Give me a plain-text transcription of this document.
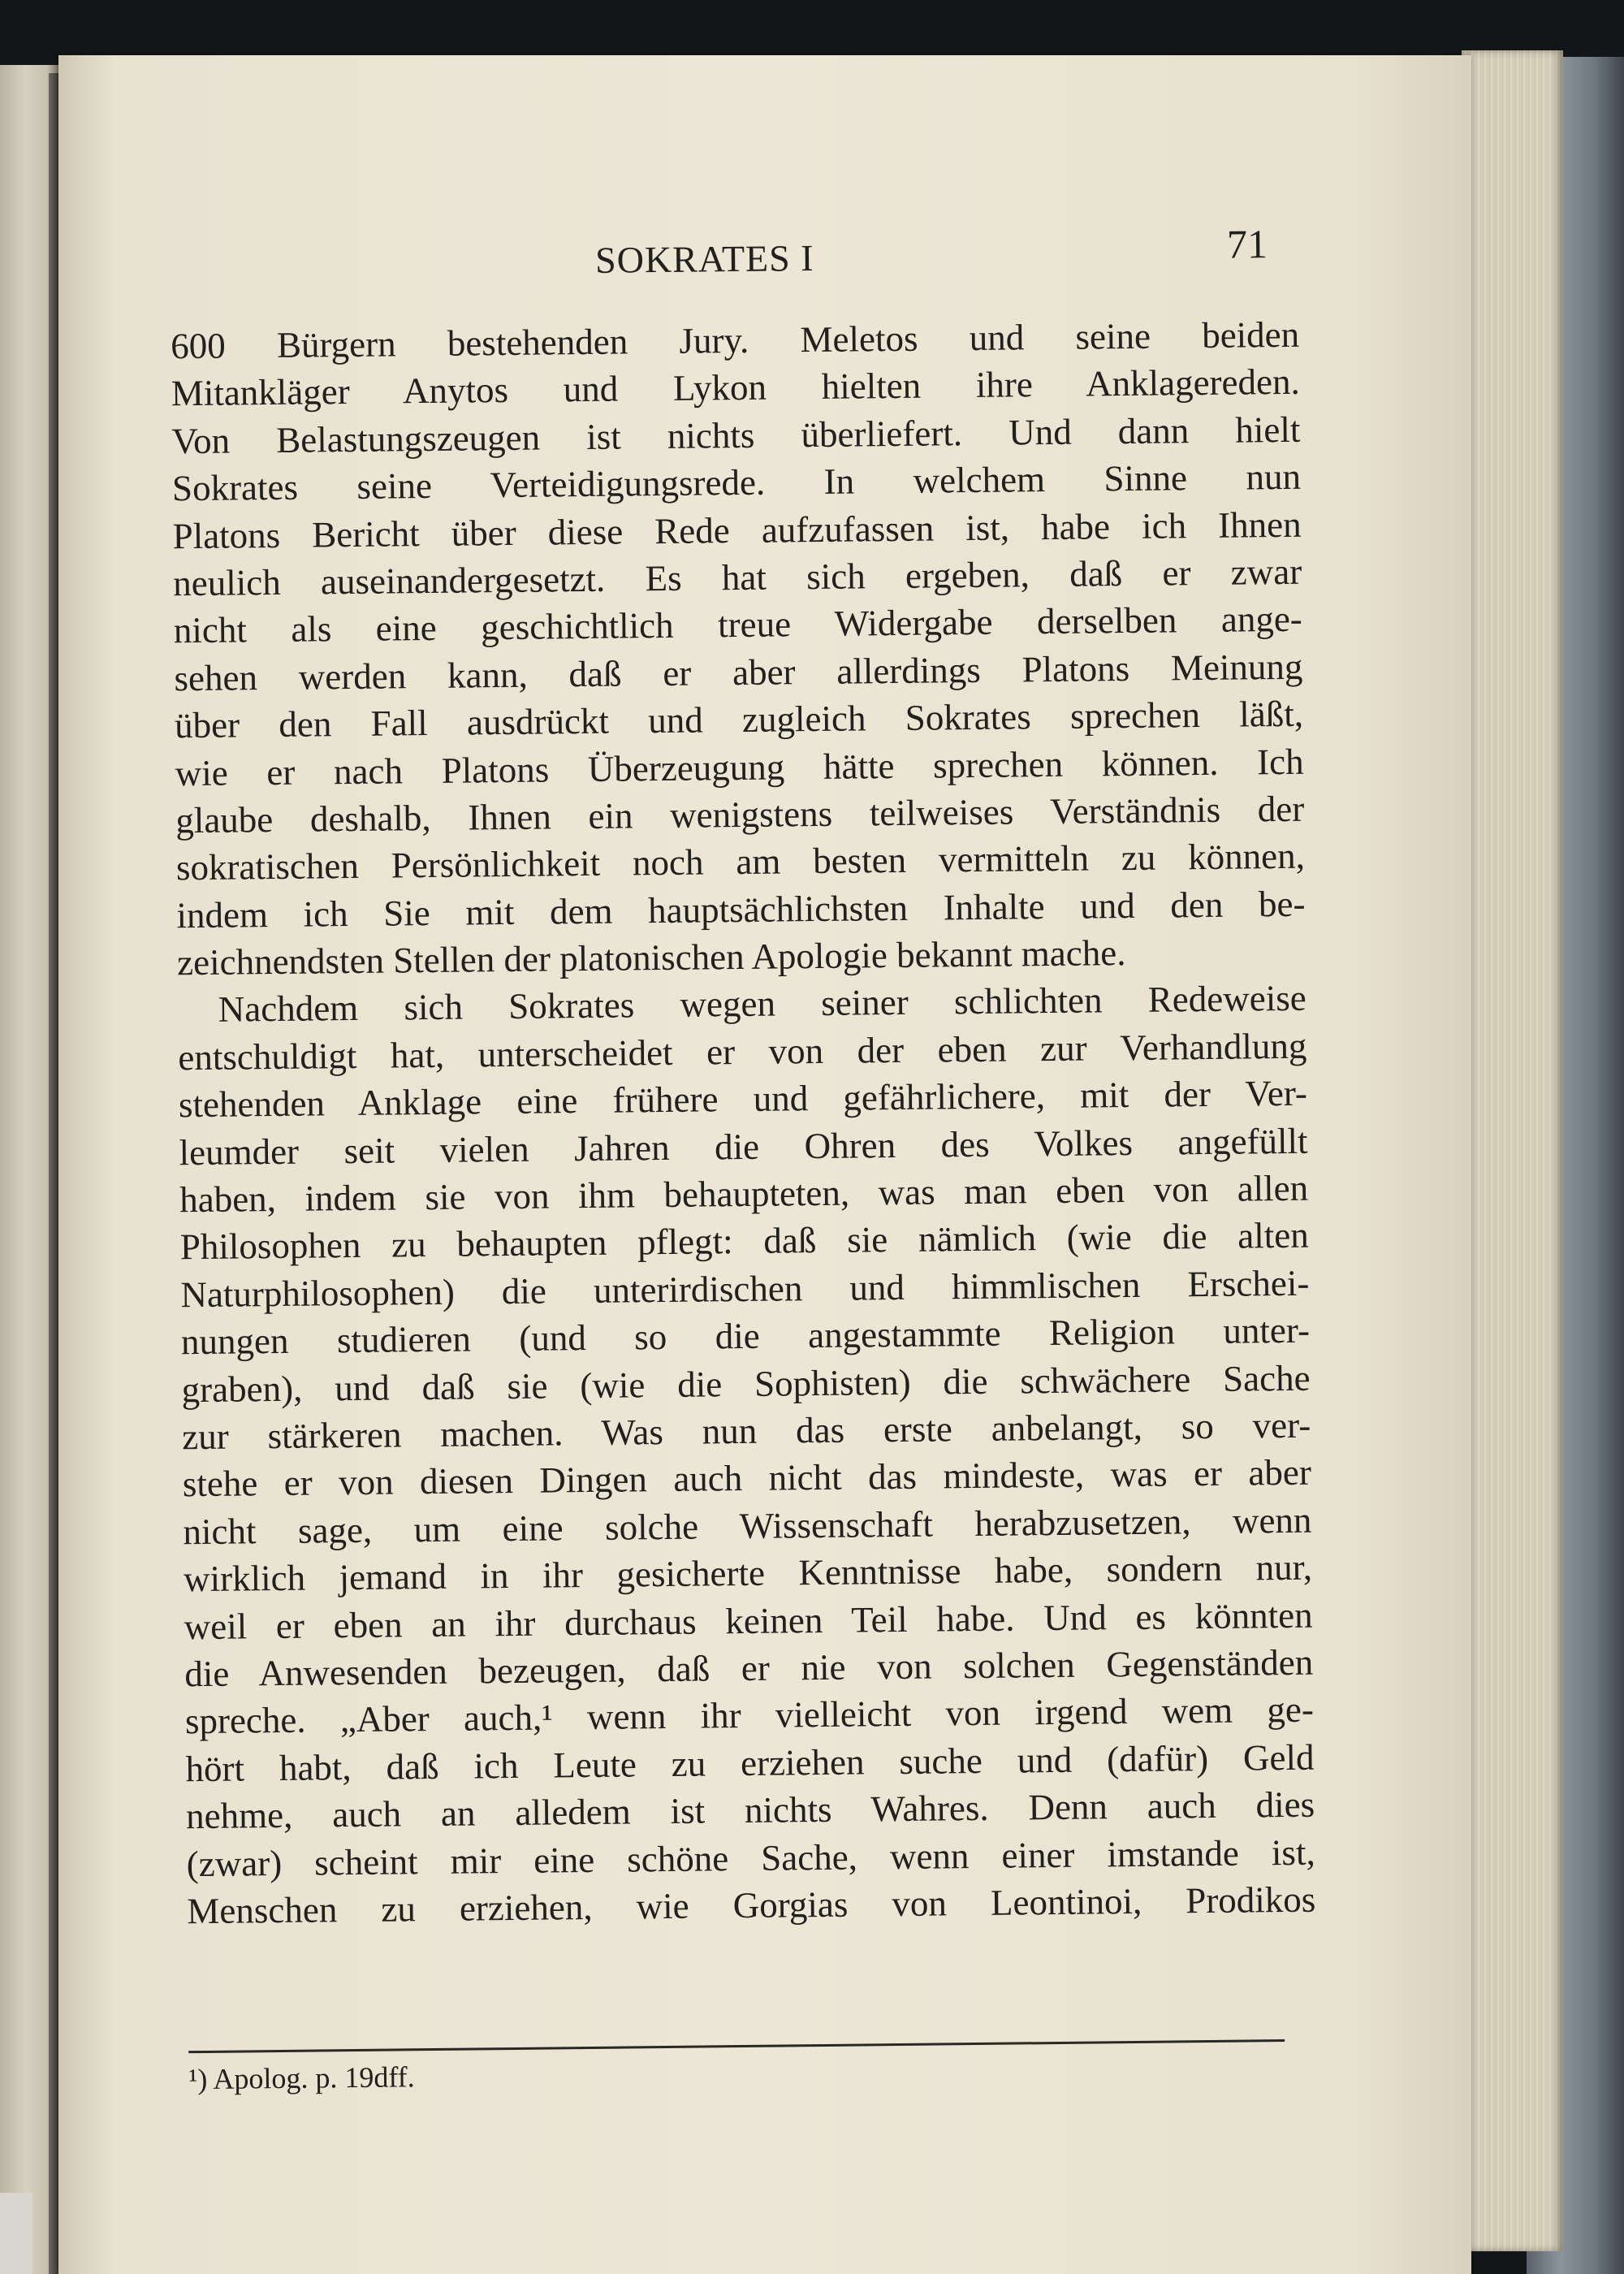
SOKRATES I	71
600 Bürgern bestehenden Jury. Meletos und seine beiden
Mitankläger Anytos und Lykon hielten ihre Anklagereden.
Von Belastungszeugen ist nichts überliefert. Und dann hielt
Sokrates seine Verteidigungsrede. In welchem Sinne nun
Platons Bericht über diese Rede aufzufassen ist, habe ich Ihnen
neulich auseinandergesetzt. Es hat sich ergeben, daß er zwar
nicht als eine geschichtlich treue Widergabe derselben ange-
sehen werden kann, daß er aber allerdings Platons Meinung
über den Fall ausdrückt und zugleich Sokrates sprechen läßt,
wie er nach Platons Überzeugung hätte sprechen können. Ich
glaube deshalb, Ihnen ein wenigstens teilweises Verständnis der
sokratischen Persönlichkeit noch am besten vermitteln zu können,
indem ich Sie mit dem hauptsächlichsten Inhalte und den be-
zeichnendsten Stellen der platonischen Apologie bekannt mache.
Nachdem sich Sokrates wegen seiner schlichten Redeweise
entschuldigt hat, unterscheidet er von der eben zur Verhandlung
stehenden Anklage eine frühere und gefährlichere, mit der Ver-
leumder seit vielen Jahren die Ohren des Volkes angefüllt
haben, indem sie von ihm behaupteten, was man eben von allen
Philosophen zu behaupten pflegt: daß sie nämlich (wie die alten
Naturphilosophen) die unterirdischen und himmlischen Erschei-
nungen studieren (und so die angestammte Religion unter-
graben), und daß sie (wie die Sophisten) die schwächere Sache
zur stärkeren machen. Was nun das erste anbelangt, so ver-
stehe er von diesen Dingen auch nicht das mindeste, was er aber
nicht sage, um eine solche Wissenschaft herabzusetzen, wenn
wirklich jemand in ihr gesicherte Kenntnisse habe, sondern nur,
weil er eben an ihr durchaus keinen Teil habe. Und es könnten
die Anwesenden bezeugen, daß er nie von solchen Gegenständen
spreche. „Aber auch,¹ wenn ihr vielleicht von irgend wem ge-
hört habt, daß ich Leute zu erziehen suche und (dafür) Geld
nehme, auch an alledem ist nichts Wahres. Denn auch dies
(zwar) scheint mir eine schöne Sache, wenn einer imstande ist,
Menschen zu erziehen, wie Gorgias von Leontinoi, Prodikos
¹) Apolog. p. 19dff.
